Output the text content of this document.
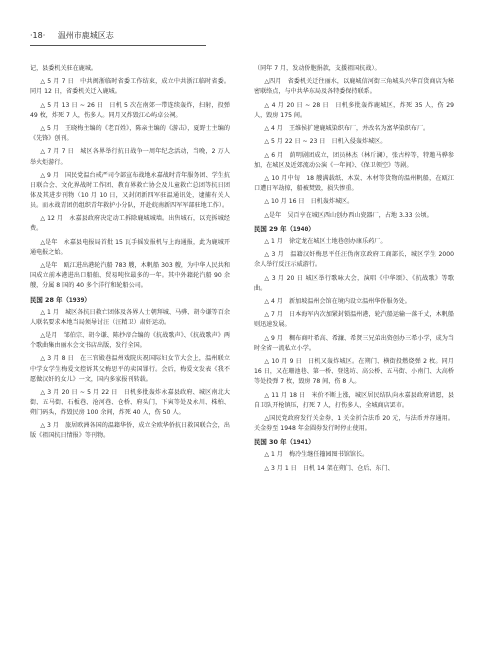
·18· 温州市鹿城区志

记，县委机关驻在鹿城。

△ 5 月 7 日　中共闽浙临时省委工作结束，成立中共浙江临时省委。同月 12 日，省委机关迁入鹿城。

△ 5 月 13 日 ~ 26 日　日机 5 次在南郊一带连续轰炸，扫射，投弹 49 枚，炸死 7 人，伤多人。同月又炸毁江心屿卓公祠。

△ 5 月　王晓梅主编的《老百姓》，陈亲主编的《游击》，夏野士主编的《先锋》创刊。

△ 7 月 7 日　城区各界举行抗日战争一周年纪念活动，当晚，2 万人举火炬游行。

△ 9 月　国民党温台戒严司令部宣布战地永嘉战时青年服务团、学生抗日联合会、文化界战时工作团、教育界救亡协会及儿童救亡总团等抗日团体及其进步刊物（10 月 10 日，又封闭新四军驻温通讯处，逮捕有关人员。而永战青团仍组织青年救护小分队，开赴皖南新四军军部驻地工作）。

△ 12 月　永嘉县政府决定动工拆除鹿城城墙。出售城石，以充拆城经费。

△是年　永嘉县电报局首批 15 瓦手摇发报机与上海通报，此为鹿城开通电报之始。

△是年　瓯江进出港轮汽船 783 艘，木帆船 303 艘，为中华人民共和国成立前本港进出口船舶、贸易吨位最多的一年。其中外籍轮汽船 90 余艘，分属 8 国的 40 多个洋行和轮船公司。

民国 28 年（1939）

△ 1 月　城区各抗日救亡团体及各界人士朝拜城、马骅、胡今谦等百余人联名要求本地当局须导讨汪（汪精卫）肃奸运动。

△是月　邹伯宗、胡今谦、陈抄帝合编的《抗战歌声》、《抗战歌声》两个歌曲集由丽水会文书店出版，发行全国。

△ 3 月 8 日　在三官殿巷温州戏院庆祝国际妇女节大会上，温州联立中学女学生梅爱文控诉其父梅思平的卖国罪行。会后，梅爱文发表《我不愿做汉奸的女儿》一文，国内多家报刊转载。

△ 3 月 20 日 ~ 5 月 22 日　日机多批轰炸永嘉县政府、城区南北大街、五马街、石板巷、沧河巷、仓桥、府头门，下寅等处及永川、株柏、朔门码头，炸毁民房 100 余间，炸死 40 人，伤 50 人。

△ 3 月　旅居欧洲各国的温籍华侨，成立全欧华侨抗日救国联合会，出版《祖国抗日情报》等刊物。

（同年 7 月，发动侨胞捐款，支援祖国抗战）。

△四月　省委机关迁往丽水，以鹿城信河街三角城头兴华百货商店为秘密联络点，与中共华东局及各特委保持联系。

△ 4 月 20 日 ~ 28 日　日机多批轰炸鹿城区，炸死 35 人，伤 29 人，毁房 175 间。

△ 4 月　王维侯扩建鹿城染织布厂，并改名为富华染织布厂。

△ 5 月 22 日 ~ 23 日　日机入侵轰炸城区。

△ 6 月　荫明剧团成立，团员林杰（林斤澜），张古梓等，特邀马骅参加，在城区及近郊流动公演《一年间》、《保卫领空》等剧。

△ 10 月中旬　18 艘满载纸、木炭、木材等货物的温州帆船，在瓯江口遭日军劫掠，船被焚毁，损失惨重。

△ 10 月 16 日　日机轰炸城区。

△是年　吴百亨在城区西山创办西山瓷器厂，占地 3.33 公顷。

民国 29 年（1940）

△ 1 月　徐定龙在城区土地巷创办康乐药厂。

△ 3 月　温籍汉奸梅思平任汪伪南京政府工商部长，城区学生 2000 余人举行反汪示威游行。

△ 3 月 20 日 城区举行歌咏大会，演唱《中华颂》、《抗战歌》等歌曲。

△ 4 月　新加坡温州会馆在境内设立温州华侨服务处。

△ 7 月　日本海军内次加紧封锁温州港，轮汽船运输一落千丈，木帆船则迅速发展。

△ 9 月　稠布商叶希高、希濂、希贤三兄弟出资创办三希小学，成为当时全省一流私立小学。

△ 10 月 9 日　日机又轰炸城区。在朔门、横街投燃烧弹 2 枚。同月 16 日，又在珊池巷、第一桥、登选坊、高公桥、五马街、小南门、大高桥等处投弹 7 枚，毁房 78 间，伤 8 人。

△ 11 月 18 日　米价不断上涨，城区居民结队向永嘉县政府请愿，县自卫队开枪镇压，打死 7 人，打伤多人，全城商店罢市。

△国民党政府发行关金券，1 关金折合法币 20 元，与法币并存通用。关金券至 1948 年金圆券发行时停止使用。

民国 30 年（1941）

△ 1 月　梅冷生继任籀园图书馆馆长。

△ 3 月 1 日　日机 14 架在朔门、仓后、东门、
